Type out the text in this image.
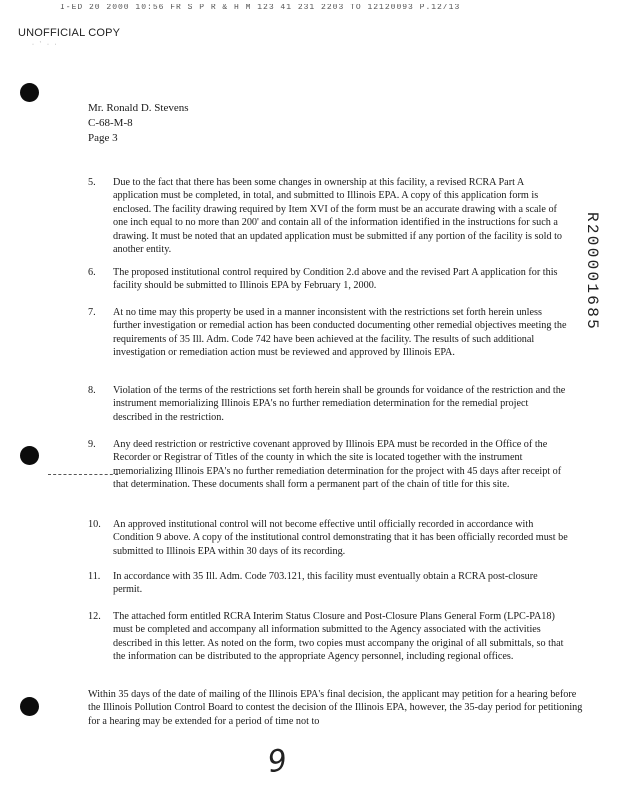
I-ED 20 2000 10:56 FR S P R & H M 123 41 231 2203 TO 12120093 P.12/13
UNOFFICIAL COPY
· ` · ·
Mr. Ronald D. Stevens
C-68-M-8
Page 3
5.	Due to the fact that there has been some changes in ownership at this facility, a revised RCRA Part A application must be completed, in total, and submitted to Illinois EPA. A copy of this application form is enclosed. The facility drawing required by Item XVI of the form must be an accurate drawing with a scale of one inch equal to no more than 200' and contain all of the information identified in the instructions for such a drawing. It must be noted that an updated application must be submitted if any portion of the facility is sold to another entity.
6.	The proposed institutional control required by Condition 2.d above and the revised Part A application for this facility should be submitted to Illinois EPA by February 1, 2000.
7.	At no time may this property be used in a manner inconsistent with the restrictions set forth herein unless further investigation or remedial action has been conducted documenting other remedial objectives meeting the requirements of 35 Ill. Adm. Code 742 have been achieved at the facility. The results of such additional investigation or remediation action must be reviewed and approved by Illinois EPA.
8.	Violation of the terms of the restrictions set forth herein shall be grounds for voidance of the restriction and the instrument memorializing Illinois EPA's no further remediation determination for the remedial project described in the restriction.
9.	Any deed restriction or restrictive covenant approved by Illinois EPA must be recorded in the Office of the Recorder or Registrar of Titles of the county in which the site is located together with the instrument memorializing Illinois EPA's no further remediation determination for the project with 45 days after receipt of that determination. These documents shall form a permanent part of the chain of title for this site.
10.	An approved institutional control will not become effective until officially recorded in accordance with Condition 9 above. A copy of the institutional control demonstrating that it has been officially recorded must be submitted to Illinois EPA within 30 days of its recording.
11.	In accordance with 35 Ill. Adm. Code 703.121, this facility must eventually obtain a RCRA post-closure permit.
12.	The attached form entitled RCRA Interim Status Closure and Post-Closure Plans General Form (LPC-PA18) must be completed and accompany all information submitted to the Agency associated with the activities described in this letter. As noted on the form, two copies must accompany the original of all submittals, so that the information can be distributed to the appropriate Agency personnel, including regional offices.
Within 35 days of the date of mailing of the Illinois EPA's final decision, the applicant may petition for a hearing before the Illinois Pollution Control Board to contest the decision of the Illinois EPA, however, the 35-day period for petitioning for a hearing may be extended for a period of time not to
R200001685
9
